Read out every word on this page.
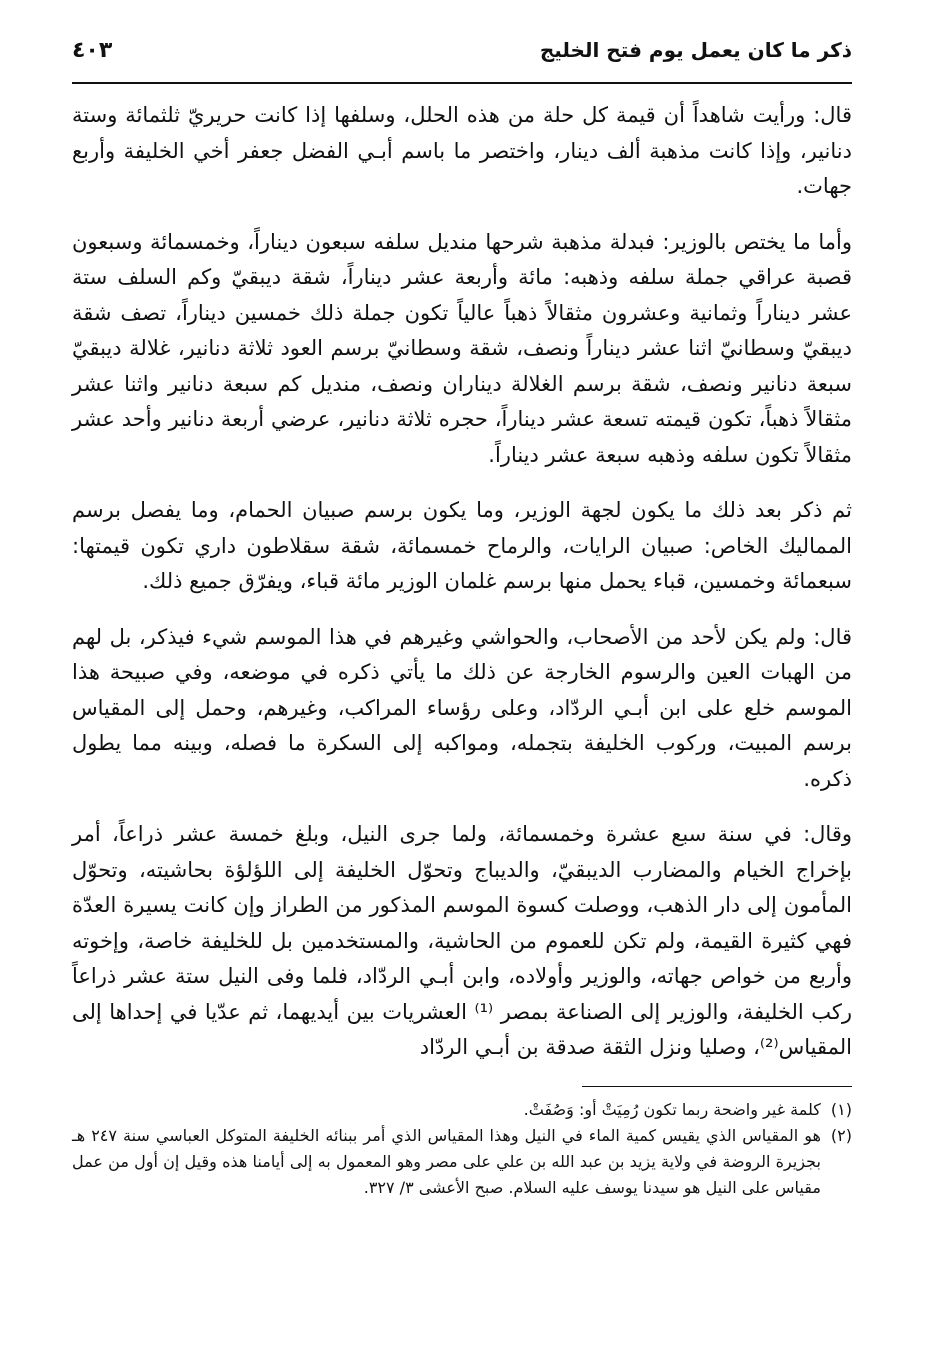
ذكر ما كان يعمل يوم فتح الخليج
٤٠٣

قال: ورأيت شاهداً أن قيمة كل حلة من هذه الحلل، وسلفها إذا كانت حريريّ ثلثمائة وستة دنانير، وإذا كانت مذهبة ألف دينار، واختصر ما باسم أبـي الفضل جعفر أخي الخليفة وأربع جهات.

وأما ما يختص بالوزير: فبدلة مذهبة شرحها منديل سلفه سبعون ديناراً، وخمسمائة وسبعون قصبة عراقي جملة سلفه وذهبه: مائة وأربعة عشر ديناراً، شقة ديبقيّ وكم السلف ستة عشر ديناراً وثمانية وعشرون مثقالاً ذهباً عالياً تكون جملة ذلك خمسين ديناراً، تصف شقة ديبقيّ وسطانيّ اثنا عشر ديناراً ونصف، شقة وسطانيّ برسم العود ثلاثة دنانير، غلالة ديبقيّ سبعة دنانير ونصف، شقة برسم الغلالة ديناران ونصف، منديل كم سبعة دنانير واثنا عشر مثقالاً ذهباً، تكون قيمته تسعة عشر ديناراً، حجره ثلاثة دنانير، عرضي أربعة دنانير وأحد عشر مثقالاً تكون سلفه وذهبه سبعة عشر ديناراً.

ثم ذكر بعد ذلك ما يكون لجهة الوزير، وما يكون برسم صبيان الحمام، وما يفصل برسم المماليك الخاص: صبيان الرايات، والرماح خمسمائة، شقة سقلاطون داري تكون قيمتها: سبعمائة وخمسين، قباء يحمل منها برسم غلمان الوزير مائة قباء، ويفرّق جميع ذلك.

قال: ولم يكن لأحد من الأصحاب، والحواشي وغيرهم في هذا الموسم شيء فيذكر، بل لهم من الهبات العين والرسوم الخارجة عن ذلك ما يأتي ذكره في موضعه، وفي صبيحة هذا الموسم خلع على ابن أبـي الردّاد، وعلى رؤساء المراكب، وغيرهم، وحمل إلى المقياس برسم المبيت، وركوب الخليفة بتجمله، ومواكبه إلى السكرة ما فصله، وبينه مما يطول ذكره.

وقال: في سنة سبع عشرة وخمسمائة، ولما جرى النيل، وبلغ خمسة عشر ذراعاً، أمر بإخراج الخيام والمضارب الديبقيّ، والديباج وتحوّل الخليفة إلى اللؤلؤة بحاشيته، وتحوّل المأمون إلى دار الذهب، ووصلت كسوة الموسم المذكور من الطراز وإن كانت يسيرة العدّة فهي كثيرة القيمة، ولم تكن للعموم من الحاشية، والمستخدمين بل للخليفة خاصة، وإخوته وأربع من خواص جهاته، والوزير وأولاده، وابن أبـي الردّاد، فلما وفى النيل ستة عشر ذراعاً ركب الخليفة، والوزير إلى الصناعة بمصر ⁽¹⁾ العشريات بين أيديهما، ثم عدّيا في إحداها إلى المقياس⁽²⁾، وصليا ونزل الثقة صدقة بن أبـي الردّاد

(١)
كلمة غير واضحة ربما تكون رُمِيَتْ أو: وَصُفَتْ.
(٢)
هو المقياس الذي يقيس كمية الماء في النيل وهذا المقياس الذي أمر ببنائه الخليفة المتوكل العباسي سنة ٢٤٧ هـ بجزيرة الروضة في ولاية يزيد بن عبد الله بن علي على مصر وهو المعمول به إلى أيامنا هذه وقيل إن أول من عمل مقياس على النيل هو سيدنا يوسف عليه السلام. صبح الأعشى ٣/ ٣٢٧.
